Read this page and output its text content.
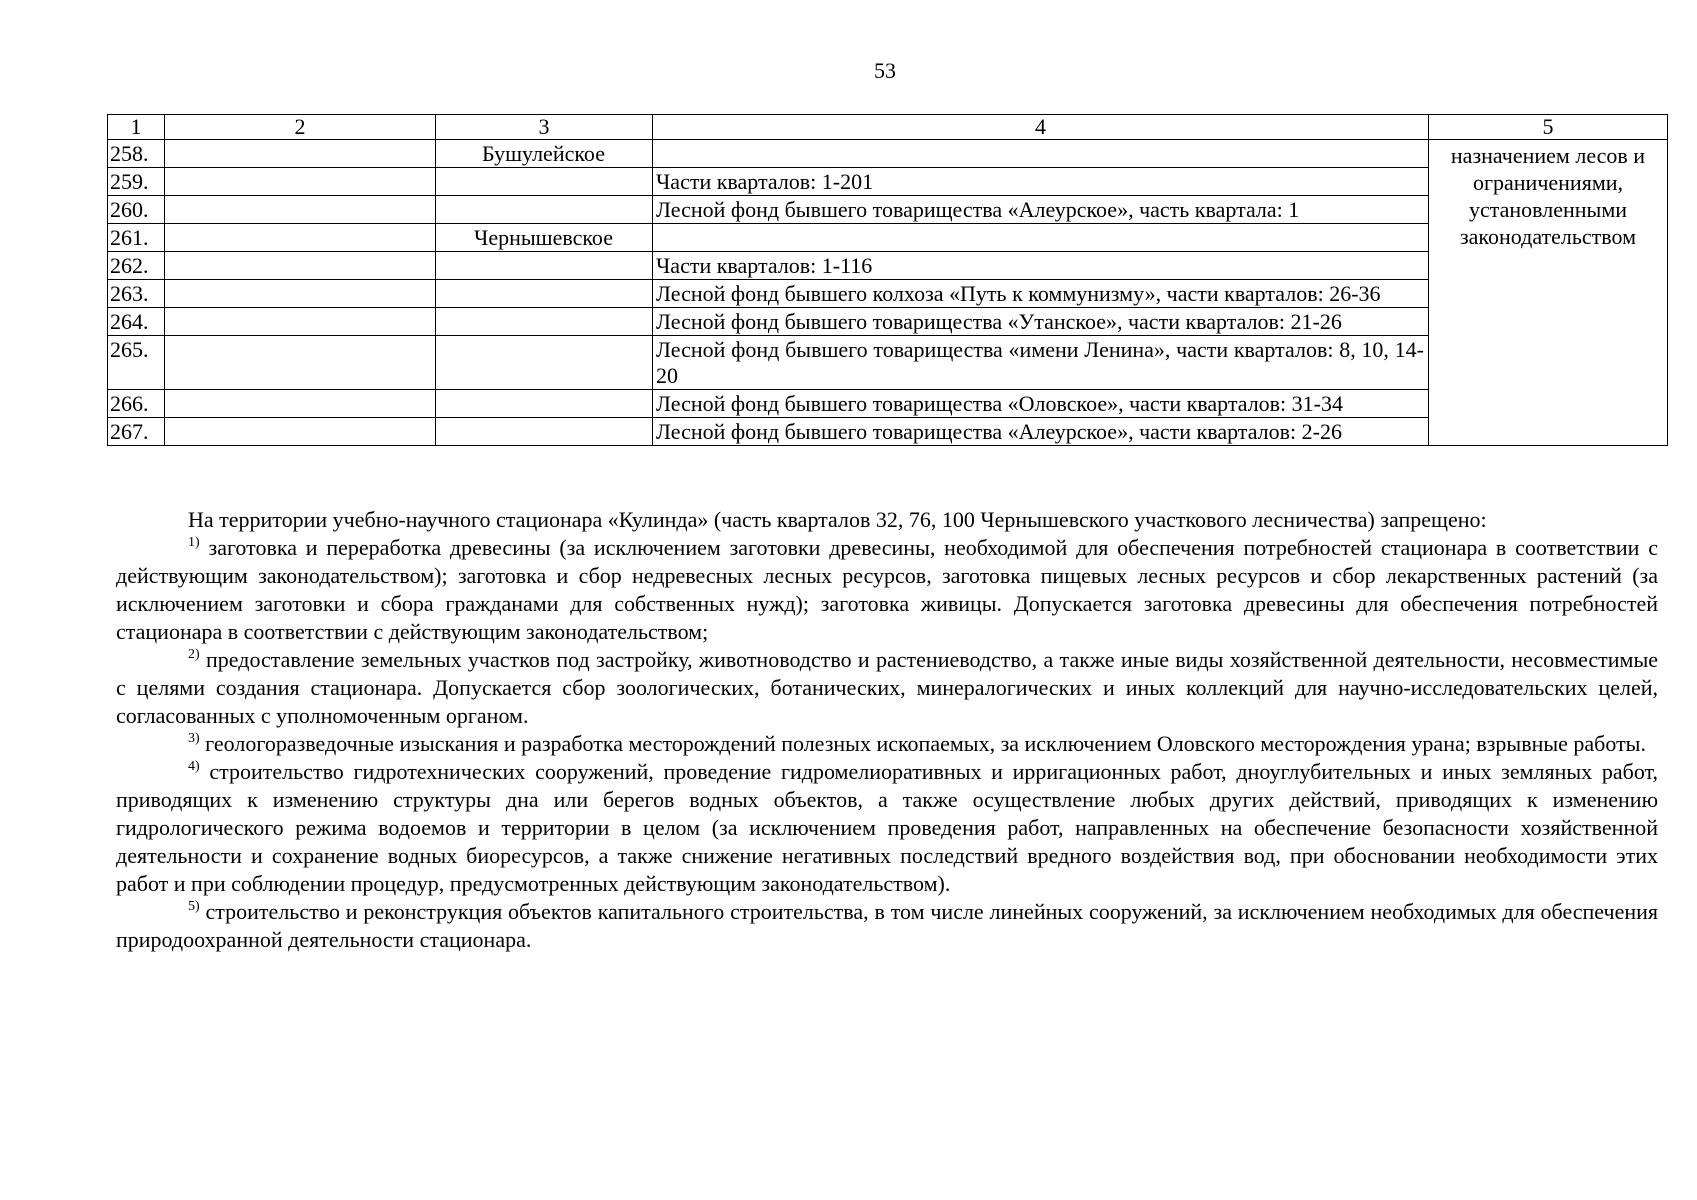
53
1	2	3	4	5
258.		Бушулейское		назначением лесов и ограничениями, установленными законодательством
259.			Части кварталов: 1-201	
260.			Лесной фонд бывшего товарищества «Алеурское», часть квартала: 1	
261.		Чернышевское		
262.			Части кварталов: 1-116	
263.			Лесной фонд бывшего колхоза «Путь к коммунизму», части кварталов: 26-36	
264.			Лесной фонд бывшего товарищества «Утанское», части кварталов: 21-26	
265.			Лесной фонд бывшего товарищества «имени Ленина», части кварталов: 8, 10, 14-20	
266.			Лесной фонд бывшего товарищества «Оловское», части кварталов: 31-34	
267.			Лесной фонд бывшего товарищества «Алеурское», части кварталов: 2-26	

На территории учебно-научного стационара «Кулинда» (часть кварталов 32, 76, 100 Чернышевского участкового лесничества) запрещено:

$^{1)}$ заготовка и переработка древесины (за исключением заготовки древесины, необходимой для обеспечения потребностей стационара в соответствии с действующим законодательством); заготовка и сбор недревесных лесных ресурсов, заготовка пищевых лесных ресурсов и сбор лекарственных растений (за исключением заготовки и сбора гражданами для собственных нужд); заготовка живицы. Допускается заготовка древесины для обеспечения потребностей стационара в соответствии с действующим законодательством;

$^{2)}$ предоставление земельных участков под застройку, животноводство и растениеводство, а также иные виды хозяйственной деятельности, несовместимые с целями создания стационара. Допускается сбор зоологических, ботанических, минералогических и иных коллекций для научно-исследовательских целей, согласованных с уполномоченным органом.

$^{3)}$ геологоразведочные изыскания и разработка месторождений полезных ископаемых, за исключением Оловского месторождения урана; взрывные работы.

$^{4)}$ строительство гидротехнических сооружений, проведение гидромелиоративных и ирригационных работ, дноуглубительных и иных земляных работ, приводящих к изменению структуры дна или берегов водных объектов, а также осуществление любых других действий, приводящих к изменению гидрологического режима водоемов и территории в целом (за исключением проведения работ, направленных на обеспечение безопасности хозяйственной деятельности и сохранение водных биоресурсов, а также снижение негативных последствий вредного воздействия вод, при обосновании необходимости этих работ и при соблюдении процедур, предусмотренных действующим законодательством).

$^{5)}$ строительство и реконструкция объектов капитального строительства, в том числе линейных сооружений, за исключением необходимых для обеспечения природоохранной деятельности стационара.
